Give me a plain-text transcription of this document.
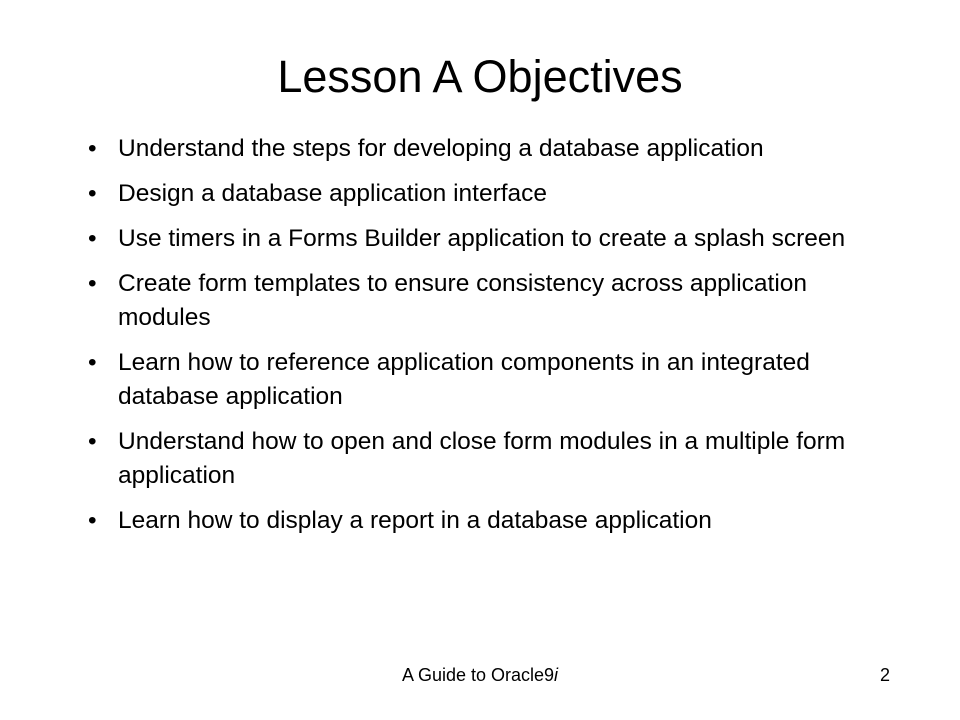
Lesson A Objectives
• Understand the steps for developing a database application
• Design a database application interface
• Use timers in a Forms Builder application to create a splash screen
• Create form templates to ensure consistency across application modules
• Learn how to reference application components in an integrated database application
• Understand how to open and close form modules in a multiple form application
• Learn how to display a report in a database application
A Guide to Oracle9i	2
